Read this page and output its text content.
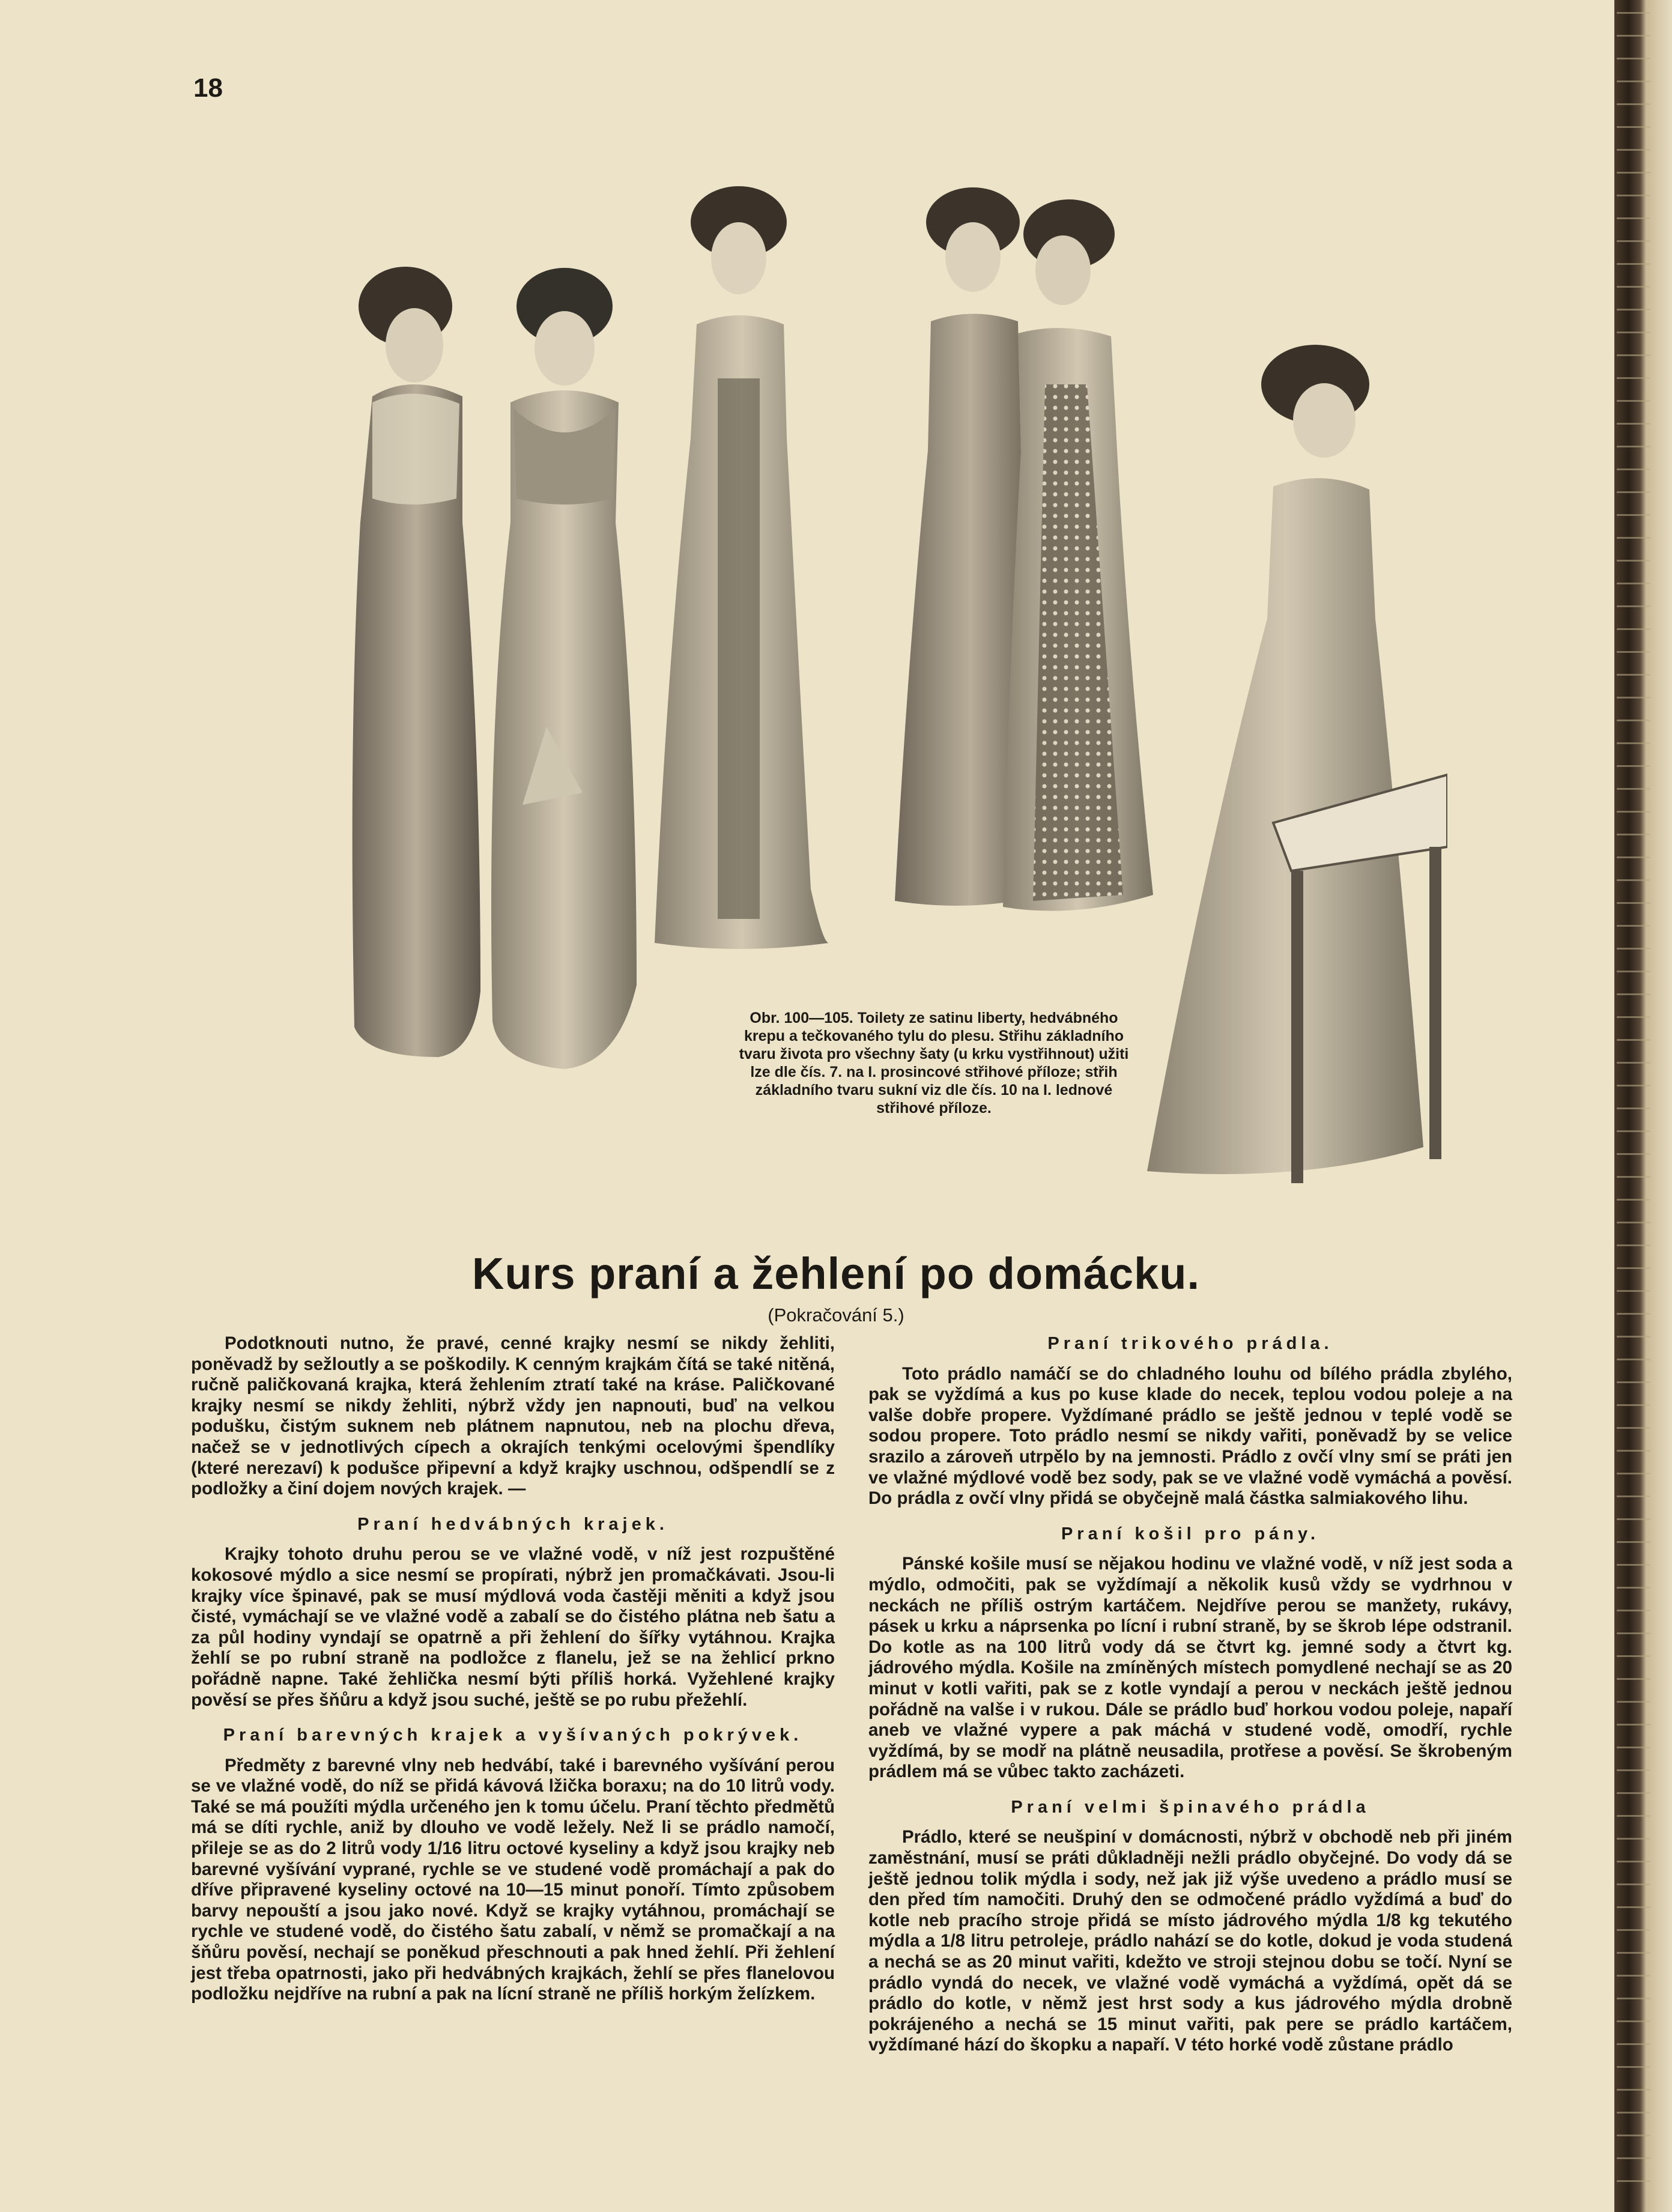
18
Obr. 100—105. Toilety ze satinu liberty, hedvábného krepu a tečkovaného tylu do plesu. Střihu základního tvaru života pro všechny šaty (u krku vystřihnout) užiti lze dle čís. 7. na I. prosincové střihové příloze; střih základního tvaru sukní viz dle čís. 10 na I. lednové střihové příloze.
Kurs praní a žehlení po domácku.
(Pokračování 5.)

Podotknouti nutno, že pravé, cenné krajky nesmí se nikdy žehliti, poněvadž by sežloutly a se poškodily. K cenným krajkám čítá se také nitěná, ručně paličkovaná krajka, která žehlením ztratí také na kráse. Paličkované krajky nesmí se nikdy žehliti, nýbrž vždy jen napnouti, buď na velkou podušku, čistým suknem neb plátnem napnutou, neb na plochu dřeva, načež se v jednotlivých cípech a okrajích tenkými ocelovými špendlíky (které nerezaví) k podušce připevní a když krajky uschnou, odšpendlí se z podložky a činí dojem nových krajek. —

Praní hedvábných krajek.

Krajky tohoto druhu perou se ve vlažné vodě, v níž jest rozpuštěné kokosové mýdlo a sice nesmí se propírati, nýbrž jen promačkávati. Jsou-li krajky více špinavé, pak se musí mýdlová voda častěji měniti a když jsou čisté, vymáchají se ve vlažné vodě a zabalí se do čistého plátna neb šatu a za půl hodiny vyndají se opatrně a při žehlení do šířky vytáhnou. Krajka žehlí se po rubní straně na podložce z flanelu, jež se na žehlicí prkno pořádně napne. Také žehlička nesmí býti příliš horká. Vyžehlené krajky pověsí se přes šňůru a když jsou suché, ještě se po rubu přežehlí.

Praní barevných krajek a vyšívaných pokrývek.

Předměty z barevné vlny neb hedvábí, také i barevného vyšívání perou se ve vlažné vodě, do níž se přidá kávová lžička boraxu; na do 10 litrů vody. Také se má použíti mýdla určeného jen k tomu účelu. Praní těchto předmětů má se díti rychle, aniž by dlouho ve vodě ležely. Než li se prádlo namočí, přileje se as do 2 litrů vody 1/16 litru octové kyseliny a když jsou krajky neb barevné vyšívání vyprané, rychle se ve studené vodě promáchají a pak do dříve připravené kyseliny octové na 10—15 minut ponoří. Tímto způsobem barvy nepouští a jsou jako nové. Když se krajky vytáhnou, promáchají se rychle ve studené vodě, do čistého šatu zabalí, v němž se promačkají a na šňůru pověsí, nechají se poněkud přeschnouti a pak hned žehlí. Při žehlení jest třeba opatrnosti, jako při hedvábných krajkách, žehlí se přes flanelovou podložku nejdříve na rubní a pak na lícní straně ne příliš horkým želízkem.

Praní trikového prádla.

Toto prádlo namáčí se do chladného louhu od bílého prádla zbylého, pak se vyždímá a kus po kuse klade do necek, teplou vodou poleje a na valše dobře propere. Vyždímané prádlo se ještě jednou v teplé vodě se sodou propere. Toto prádlo nesmí se nikdy vařiti, poněvadž by se velice srazilo a zároveň utrpělo by na jemnosti. Prádlo z ovčí vlny smí se práti jen ve vlažné mýdlové vodě bez sody, pak se ve vlažné vodě vymáchá a pověsí. Do prádla z ovčí vlny přidá se obyčejně malá částka salmiakového lihu.

Praní košil pro pány.

Pánské košile musí se nějakou hodinu ve vlažné vodě, v níž jest soda a mýdlo, odmočiti, pak se vyždímají a několik kusů vždy se vydrhnou v neckách ne příliš ostrým kartáčem. Nejdříve perou se manžety, rukávy, pásek u krku a náprsenka po lícní i rubní straně, by se škrob lépe odstranil. Do kotle as na 100 litrů vody dá se čtvrt kg. jemné sody a čtvrt kg. jádrového mýdla. Košile na zmíněných místech pomydlené nechají se as 20 minut v kotli vařiti, pak se z kotle vyndají a perou v neckách ještě jednou pořádně na valše i v rukou. Dále se prádlo buď horkou vodou poleje, napaří aneb ve vlažné vypere a pak máchá v studené vodě, omodří, rychle vyždímá, by se modř na plátně neusadila, protřese a pověsí. Se škrobeným prádlem má se vůbec takto zacházeti.

Praní velmi špinavého prádla

Prádlo, které se neušpiní v domácnosti, nýbrž v obchodě neb při jiném zaměstnání, musí se práti důkladněji nežli prádlo obyčejné. Do vody dá se ještě jednou tolik mýdla i sody, než jak již výše uvedeno a prádlo musí se den před tím namočiti. Druhý den se odmočené prádlo vyždímá a buď do kotle neb pracího stroje přidá se místo jádrového mýdla 1/8 kg tekutého mýdla a 1/8 litru petroleje, prádlo nahází se do kotle, dokud je voda studená a nechá se as 20 minut vařiti, kdežto ve stroji stejnou dobu se točí. Nyní se prádlo vyndá do necek, ve vlažné vodě vymáchá a vyždímá, opět dá se prádlo do kotle, v němž jest hrst sody a kus jádrového mýdla drobně pokrájeného a nechá se 15 minut vařiti, pak pere se prádlo kartáčem, vyždímané hází do škopku a napaří. V této horké vodě zůstane prádlo
